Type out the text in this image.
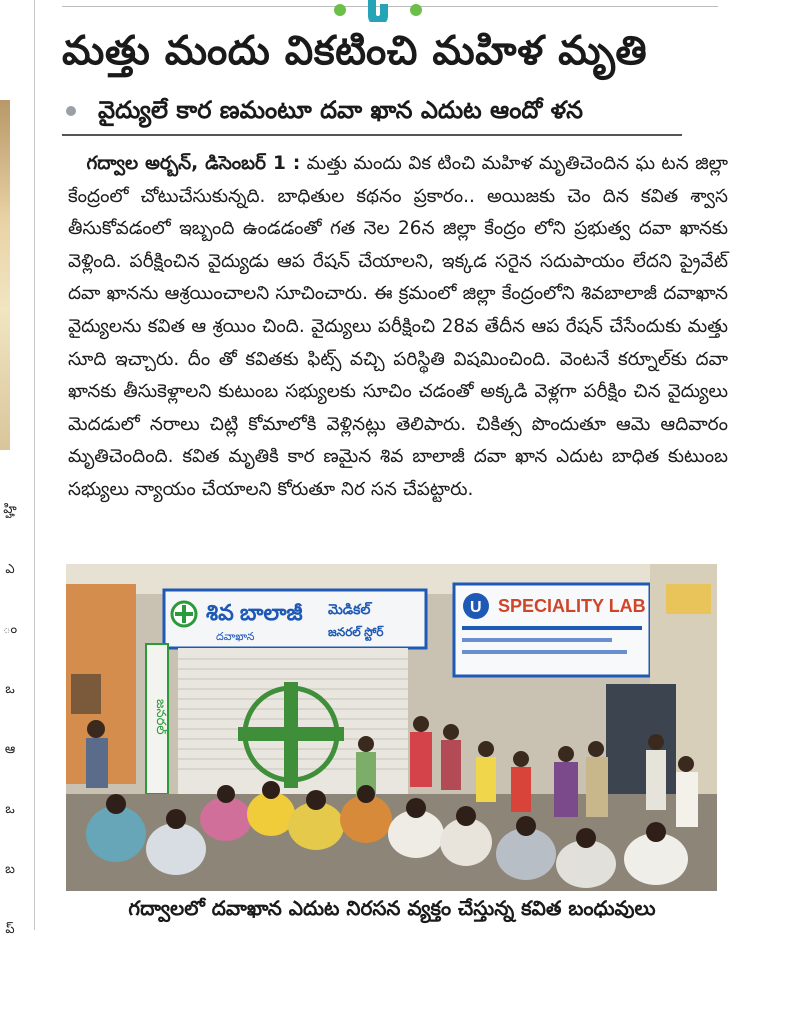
హ్హి
ఎ
ం
ఒ
ఆ
ఒ
బ
ప్
మత్తు మందు వికటించి మహిళ మృతి
వైద్యులే కార ణమంటూ దవా ఖాన ఎదుట ఆందో ళన

 గద్వాల అర్బన్, డిసెంబర్ 1 : మత్తు మందు విక టించి మహిళ మృతిచెందిన ఘ టన జిల్లా కేంద్రంలో చోటుచేసుకున్నది. బాధితుల కథనం ప్రకారం.. అయిజకు చెం దిన కవిత శ్వాస తీసుకోవడంలో ఇబ్బంది ఉండడంతో గత నెల 26న జిల్లా కేంద్రం లోని ప్రభుత్వ దవా ఖానకు వెళ్లింది. పరీక్షించిన వైద్యుడు ఆప రేషన్ చేయాలని, ఇక్కడ సరైన సదుపాయం లేదని ప్రైవేట్ దవా ఖానను ఆశ్రయించాలని సూచించారు. ఈ క్రమంలో జిల్లా కేంద్రంలోని శివబాలాజీ దవాఖాన వైద్యులను కవిత ఆ శ్రయిం చింది. వైద్యులు పరీక్షించి 28వ తేదీన ఆప రేషన్ చేసేందుకు మత్తు సూది ఇచ్చారు. దీం తో కవితకు ఫిట్స్ వచ్చి పరిస్థితి విషమించింది. వెంటనే కర్నూల్‌కు దవా ఖానకు తీసుకెళ్లాలని కుటుంబ సభ్యులకు సూచిం చడంతో అక్కడి వెళ్లగా పరీక్షిం చిన వైద్యులు మెదడులో నరాలు చిట్లి కోమాలోకి వెళ్లినట్లు తెలిపారు. చికిత్స పొందుతూ ఆమె ఆదివారం మృతిచెందింది. కవిత మృతికి కార ణమైన శివ బాలాజీ దవా ఖాన ఎదుట బాధిత కుటుంబ సభ్యులు న్యాయం చేయాలని కోరుతూ నిర సన చేపట్టారు.

శివ బాలాజీ మెడికల్
దవాఖాన	జనరల్ స్టోర్
జనరల్
U SPECIALITY LAB
గద్వాలలో దవాఖాన ఎదుట నిరసన వ్యక్తం చేస్తున్న కవిత బంధువులు
